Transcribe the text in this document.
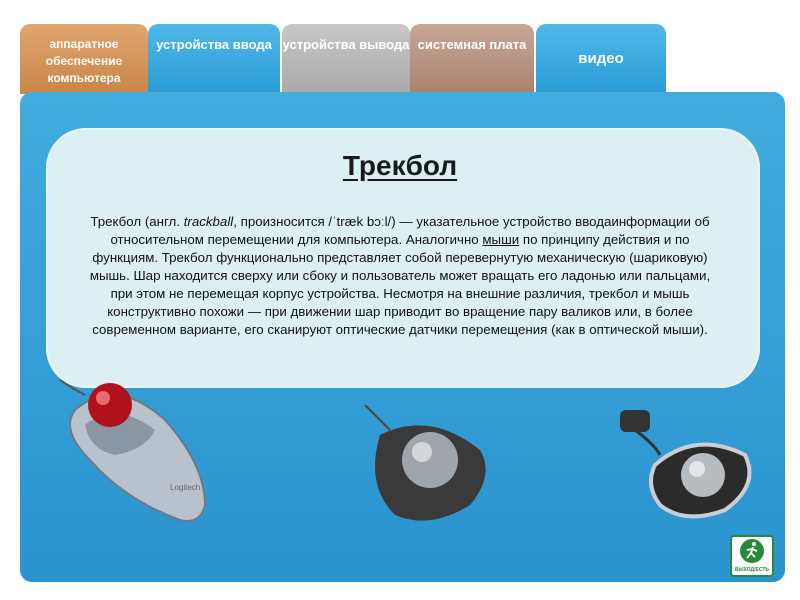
аппаратное обеспечение компьютера
устройства ввода устройства вывода системная плата
видео
Трекбол
Трекбол (англ. trackball, произносится /ˈtræk bɔːl/) — указательное устройство вводаинформации об относительном перемещении для компьютера. Аналогично мыши по принципу действия и по функциям. Трекбол функционально представляет собой перевернутую механическую (шариковую) мышь. Шар находится сверху или сбоку и пользователь может вращать его ладонью или пальцами, при этом не перемещая корпус устройства. Несмотря на внешние различия, трекбол и мышь конструктивно похожи — при движении шар приводит во вращение пару валиков или, в более современном варианте, его сканируют оптические датчики перемещения (как в оптической мыши).
Logitech
ВЫХОД/ЕСТЬ
